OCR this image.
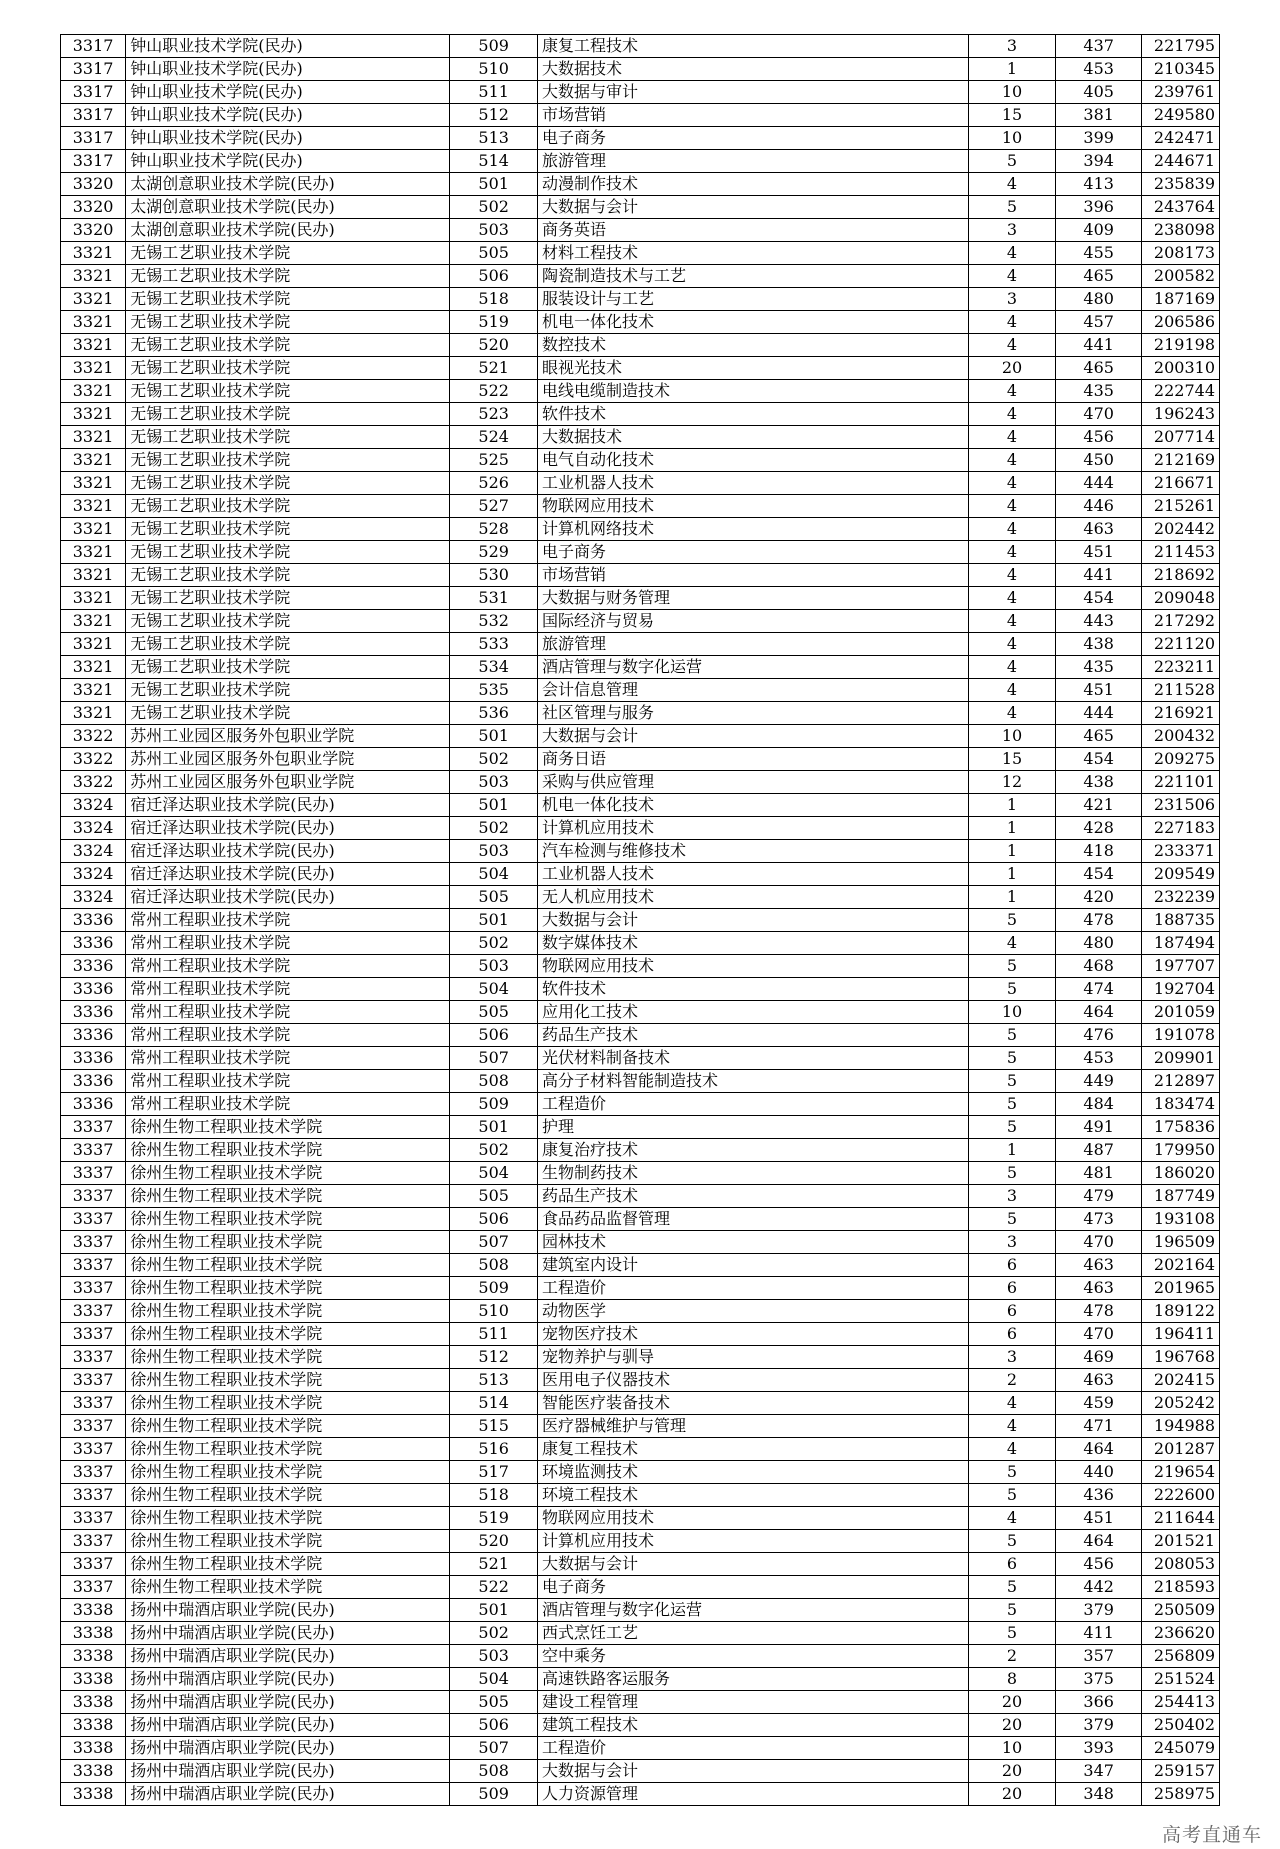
3317	钟山职业技术学院(民办)	509	康复工程技术	3	437	221795
3317	钟山职业技术学院(民办)	510	大数据技术	1	453	210345
3317	钟山职业技术学院(民办)	511	大数据与审计	10	405	239761
3317	钟山职业技术学院(民办)	512	市场营销	15	381	249580
3317	钟山职业技术学院(民办)	513	电子商务	10	399	242471
3317	钟山职业技术学院(民办)	514	旅游管理	5	394	244671
3320	太湖创意职业技术学院(民办)	501	动漫制作技术	4	413	235839
3320	太湖创意职业技术学院(民办)	502	大数据与会计	5	396	243764
3320	太湖创意职业技术学院(民办)	503	商务英语	3	409	238098
3321	无锡工艺职业技术学院	505	材料工程技术	4	455	208173
3321	无锡工艺职业技术学院	506	陶瓷制造技术与工艺	4	465	200582
3321	无锡工艺职业技术学院	518	服装设计与工艺	3	480	187169
3321	无锡工艺职业技术学院	519	机电一体化技术	4	457	206586
3321	无锡工艺职业技术学院	520	数控技术	4	441	219198
3321	无锡工艺职业技术学院	521	眼视光技术	20	465	200310
3321	无锡工艺职业技术学院	522	电线电缆制造技术	4	435	222744
3321	无锡工艺职业技术学院	523	软件技术	4	470	196243
3321	无锡工艺职业技术学院	524	大数据技术	4	456	207714
3321	无锡工艺职业技术学院	525	电气自动化技术	4	450	212169
3321	无锡工艺职业技术学院	526	工业机器人技术	4	444	216671
3321	无锡工艺职业技术学院	527	物联网应用技术	4	446	215261
3321	无锡工艺职业技术学院	528	计算机网络技术	4	463	202442
3321	无锡工艺职业技术学院	529	电子商务	4	451	211453
3321	无锡工艺职业技术学院	530	市场营销	4	441	218692
3321	无锡工艺职业技术学院	531	大数据与财务管理	4	454	209048
3321	无锡工艺职业技术学院	532	国际经济与贸易	4	443	217292
3321	无锡工艺职业技术学院	533	旅游管理	4	438	221120
3321	无锡工艺职业技术学院	534	酒店管理与数字化运营	4	435	223211
3321	无锡工艺职业技术学院	535	会计信息管理	4	451	211528
3321	无锡工艺职业技术学院	536	社区管理与服务	4	444	216921
3322	苏州工业园区服务外包职业学院	501	大数据与会计	10	465	200432
3322	苏州工业园区服务外包职业学院	502	商务日语	15	454	209275
3322	苏州工业园区服务外包职业学院	503	采购与供应管理	12	438	221101
3324	宿迁泽达职业技术学院(民办)	501	机电一体化技术	1	421	231506
3324	宿迁泽达职业技术学院(民办)	502	计算机应用技术	1	428	227183
3324	宿迁泽达职业技术学院(民办)	503	汽车检测与维修技术	1	418	233371
3324	宿迁泽达职业技术学院(民办)	504	工业机器人技术	1	454	209549
3324	宿迁泽达职业技术学院(民办)	505	无人机应用技术	1	420	232239
3336	常州工程职业技术学院	501	大数据与会计	5	478	188735
3336	常州工程职业技术学院	502	数字媒体技术	4	480	187494
3336	常州工程职业技术学院	503	物联网应用技术	5	468	197707
3336	常州工程职业技术学院	504	软件技术	5	474	192704
3336	常州工程职业技术学院	505	应用化工技术	10	464	201059
3336	常州工程职业技术学院	506	药品生产技术	5	476	191078
3336	常州工程职业技术学院	507	光伏材料制备技术	5	453	209901
3336	常州工程职业技术学院	508	高分子材料智能制造技术	5	449	212897
3336	常州工程职业技术学院	509	工程造价	5	484	183474
3337	徐州生物工程职业技术学院	501	护理	5	491	175836
3337	徐州生物工程职业技术学院	502	康复治疗技术	1	487	179950
3337	徐州生物工程职业技术学院	504	生物制药技术	5	481	186020
3337	徐州生物工程职业技术学院	505	药品生产技术	3	479	187749
3337	徐州生物工程职业技术学院	506	食品药品监督管理	5	473	193108
3337	徐州生物工程职业技术学院	507	园林技术	3	470	196509
3337	徐州生物工程职业技术学院	508	建筑室内设计	6	463	202164
3337	徐州生物工程职业技术学院	509	工程造价	6	463	201965
3337	徐州生物工程职业技术学院	510	动物医学	6	478	189122
3337	徐州生物工程职业技术学院	511	宠物医疗技术	6	470	196411
3337	徐州生物工程职业技术学院	512	宠物养护与驯导	3	469	196768
3337	徐州生物工程职业技术学院	513	医用电子仪器技术	2	463	202415
3337	徐州生物工程职业技术学院	514	智能医疗装备技术	4	459	205242
3337	徐州生物工程职业技术学院	515	医疗器械维护与管理	4	471	194988
3337	徐州生物工程职业技术学院	516	康复工程技术	4	464	201287
3337	徐州生物工程职业技术学院	517	环境监测技术	5	440	219654
3337	徐州生物工程职业技术学院	518	环境工程技术	5	436	222600
3337	徐州生物工程职业技术学院	519	物联网应用技术	4	451	211644
3337	徐州生物工程职业技术学院	520	计算机应用技术	5	464	201521
3337	徐州生物工程职业技术学院	521	大数据与会计	6	456	208053
3337	徐州生物工程职业技术学院	522	电子商务	5	442	218593
3338	扬州中瑞酒店职业学院(民办)	501	酒店管理与数字化运营	5	379	250509
3338	扬州中瑞酒店职业学院(民办)	502	西式烹饪工艺	5	411	236620
3338	扬州中瑞酒店职业学院(民办)	503	空中乘务	2	357	256809
3338	扬州中瑞酒店职业学院(民办)	504	高速铁路客运服务	8	375	251524
3338	扬州中瑞酒店职业学院(民办)	505	建设工程管理	20	366	254413
3338	扬州中瑞酒店职业学院(民办)	506	建筑工程技术	20	379	250402
3338	扬州中瑞酒店职业学院(民办)	507	工程造价	10	393	245079
3338	扬州中瑞酒店职业学院(民办)	508	大数据与会计	20	347	259157
3338	扬州中瑞酒店职业学院(民办)	509	人力资源管理	20	348	258975
高考直通车
